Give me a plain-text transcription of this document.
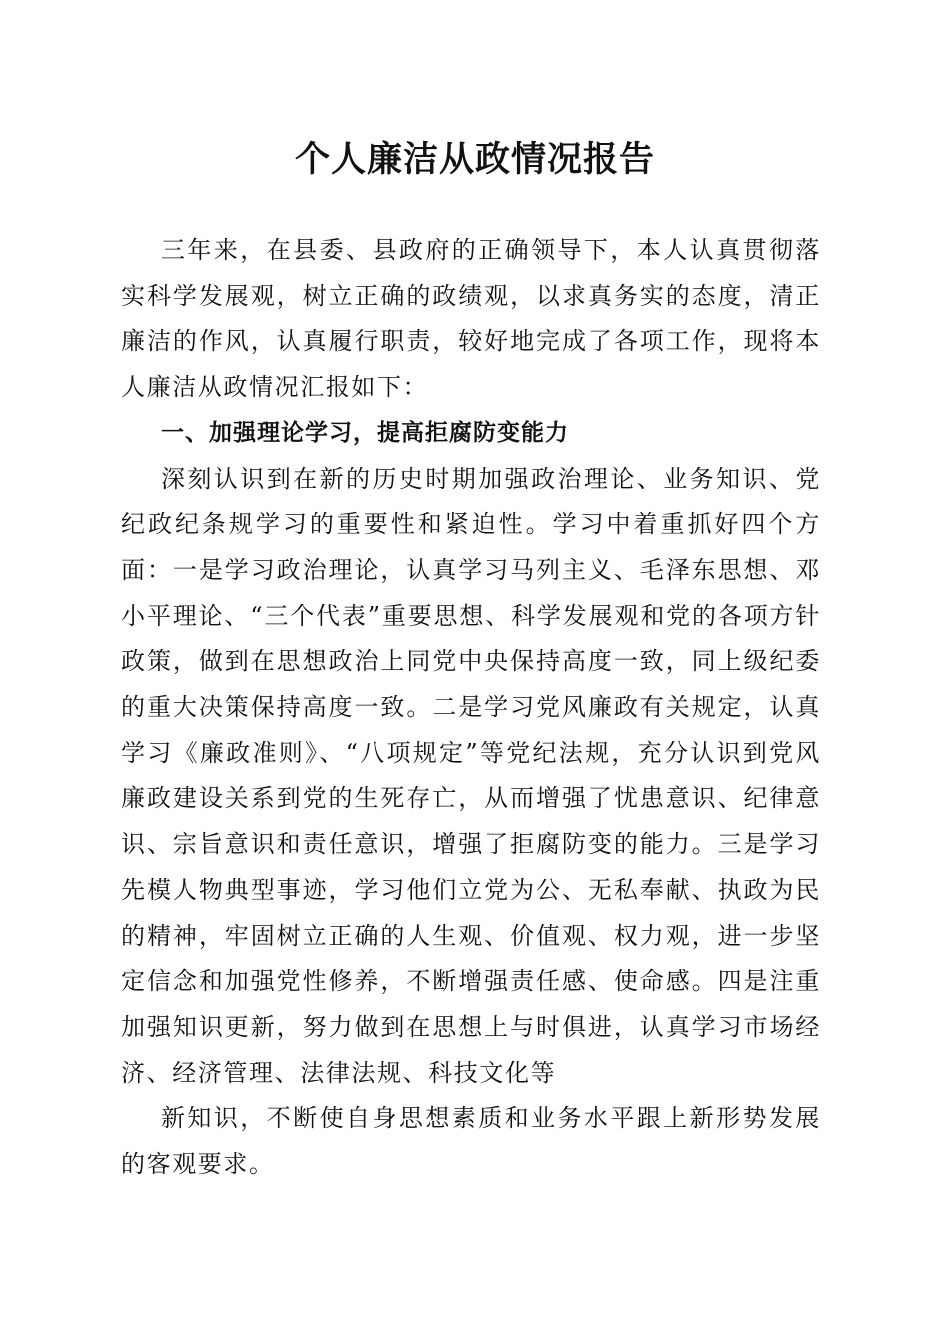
个人廉洁从政情况报告

三年来，在县委、县政府的正确领导下，本人认真贯彻落实科学发展观，树立正确的政绩观，以求真务实的态度，清正廉洁的作风，认真履行职责，较好地完成了各项工作，现将本人廉洁从政情况汇报如下：

一、加强理论学习，提高拒腐防变能力

深刻认识到在新的历史时期加强政治理论、业务知识、党纪政纪条规学习的重要性和紧迫性。学习中着重抓好四个方面：一是学习政治理论，认真学习马列主义、毛泽东思想、邓小平理论、“三个代表”重要思想、科学发展观和党的各项方针政策，做到在思想政治上同党中央保持高度一致，同上级纪委的重大决策保持高度一致。二是学习党风廉政有关规定，认真学习《廉政准则》、“八项规定”等党纪法规，充分认识到党风廉政建设关系到党的生死存亡，从而增强了忧患意识、纪律意识、宗旨意识和责任意识，增强了拒腐防变的能力。三是学习先模人物典型事迹，学习他们立党为公、无私奉献、执政为民的精神，牢固树立正确的人生观、价值观、权力观，进一步坚定信念和加强党性修养，不断增强责任感、使命感。四是注重加强知识更新，努力做到在思想上与时俱进，认真学习市场经济、经济管理、法律法规、科技文化等

新知识，不断使自身思想素质和业务水平跟上新形势发展的客观要求。
